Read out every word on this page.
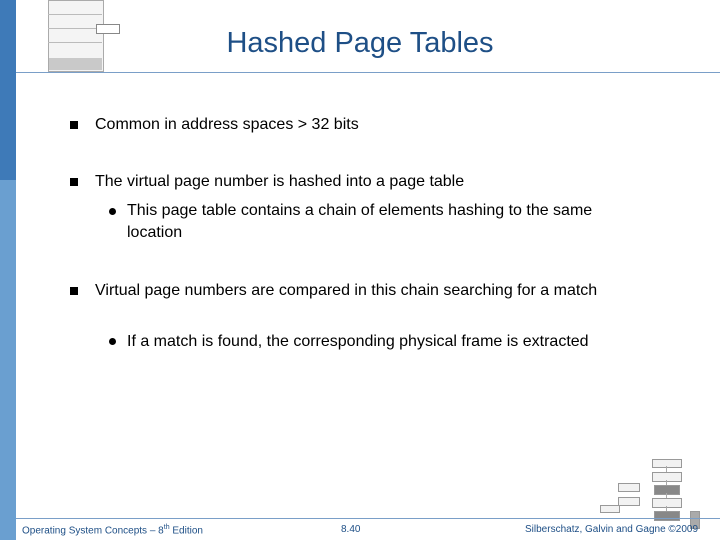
Hashed Page Tables
Common in address spaces > 32 bits
The virtual page number is hashed into a page table
This page table contains a chain of elements hashing to the same location
Virtual page numbers are compared in this chain searching for a match
If a match is found, the corresponding physical frame is extracted
Operating System Concepts – 8th Edition	8.40	Silberschatz, Galvin and Gagne ©2009
